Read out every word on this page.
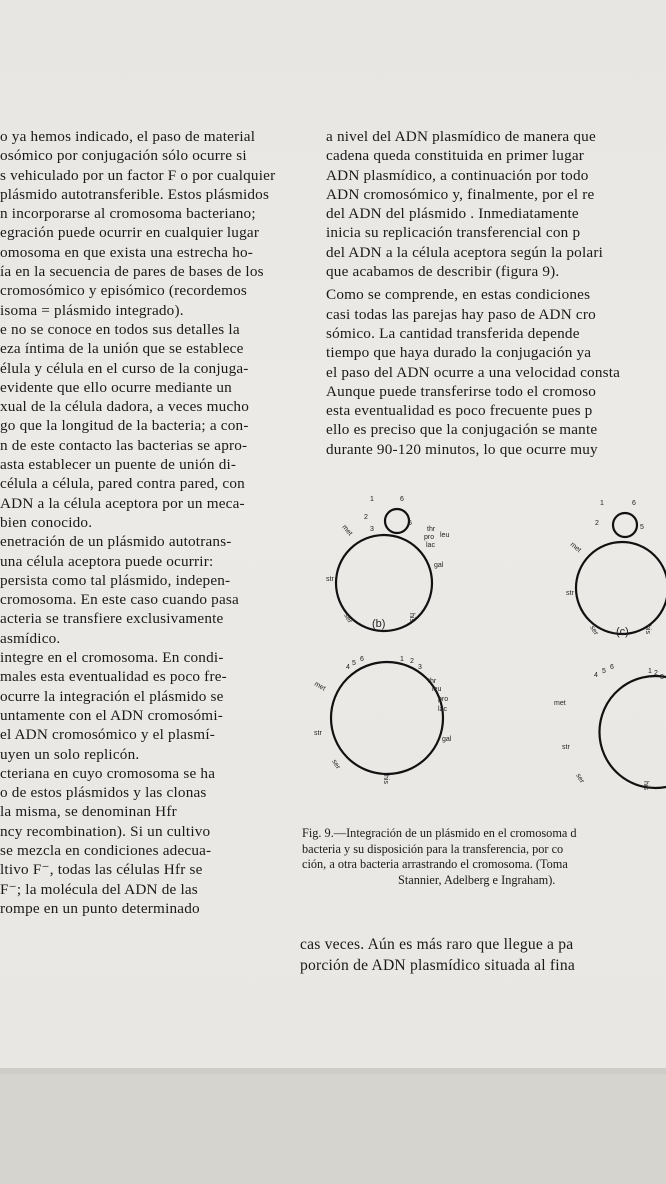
o ya hemos indicado, el paso de material
osómico por conjugación sólo ocurre si
s vehiculado por un factor F o por cualquier
plásmido autotransferible. Estos plásmidos
n incorporarse al cromosoma bacteriano;
egración puede ocurrir en cualquier lugar
omosoma en que exista una estrecha ho-
ía en la secuencia de pares de bases de los
cromosómico y episómico (recordemos
isoma = plásmido integrado).
e no se conoce en todos sus detalles la
eza íntima de la unión que se establece
élula y célula en el curso de la conjuga-
evidente que ello ocurre mediante un
xual de la célula dadora, a veces mucho
go que la longitud de la bacteria; a con-
n de este contacto las bacterias se apro-
asta establecer un puente de unión di-
célula a célula, pared contra pared, con
ADN a la célula aceptora por un meca-
bien conocido.
enetración de un plásmido autotrans-
una célula aceptora puede ocurrir:
persista como tal plásmido, indepen-
cromosoma. En este caso cuando pasa
acteria se transfiere exclusivamente
asmídico.
integre en el cromosoma. En condi-
males esta eventualidad es poco fre-
ocurre la integración el plásmido se
untamente con el ADN cromosómi-
el ADN cromosómico y el plasmí-
uyen un solo replicón.
cteriana en cuyo cromosoma se ha
o de estos plásmidos y las clonas
la misma, se denominan Hfr
ncy recombination). Si un cultivo
se mezcla en condiciones adecua-
ltivo F⁻, todas las células Hfr se
F⁻; la molécula del ADN de las
rompe en un punto determinado
a nivel del ADN plasmídico de manera que
cadena queda constituida en primer lugar
ADN plasmídico, a continuación por todo
ADN cromosómico y, finalmente, por el re
del ADN del plásmido . Inmediatamente
inicia su replicación transferencial con p
del ADN a la célula aceptora según la polari
que acabamos de describir (figura 9).
Como se comprende, en estas condiciones
casi todas las parejas hay paso de ADN cro
sómico. La cantidad transferida depende
tiempo que haya durado la conjugación ya
el paso del ADN ocurre a una velocidad consta
Aunque puede transferirse todo el cromoso
esta eventualidad es poco frecuente pues p
ello es preciso que la conjugación se mante
durante 90-120 minutos, lo que ocurre muy
1	6
2
5
3
met	thr
leu
pro
lac
gal
str
ser	his
(b)
1	6
2
5
met
str
ser	his
(c)
4
5
6	1 2
3
met	thr
leu
pro
lac
gal
str
ser
his
4
5
6
1 2
3
met
str
ser
his
Fig. 9.—Integración de un plásmido en el cromosoma d
bacteria y su disposición para la transferencia, por co
ción, a otra bacteria arrastrando el cromosoma. (Toma
Stannier, Adelberg e Ingraham).
cas veces. Aún es más raro que llegue a pa
porción de ADN plasmídico situada al fina
